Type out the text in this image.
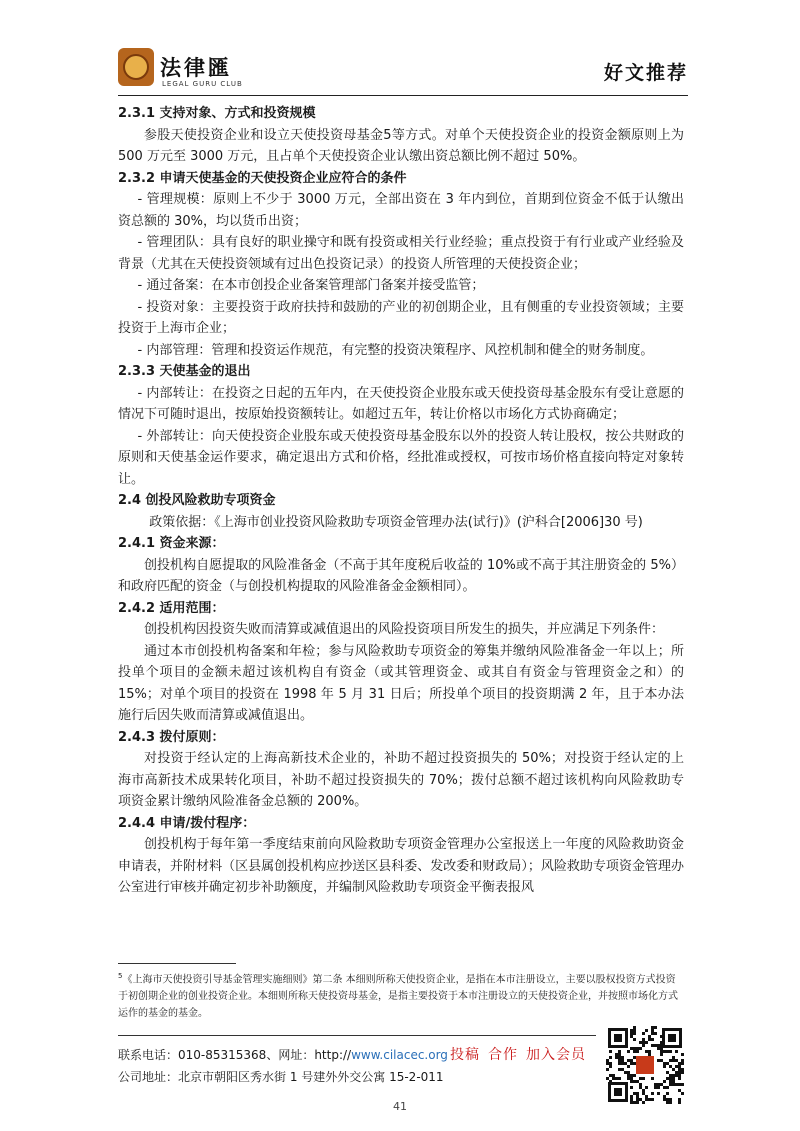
法律匯
LEGAL GURU CLUB	好文推荐

2.3.1 支持对象、方式和投资规模

参股天使投资企业和设立天使投资母基金5等方式。对单个天使投资企业的投资金额原则上为 500 万元至 3000 万元，且占单个天使投资企业认缴出资总额比例不超过 50%。

2.3.2 申请天使基金的天使投资企业应符合的条件

- 管理规模：原则上不少于 3000 万元，全部出资在 3 年内到位，首期到位资金不低于认缴出资总额的 30%，均以货币出资；

- 管理团队：具有良好的职业操守和既有投资或相关行业经验；重点投资于有行业或产业经验及背景（尤其在天使投资领域有过出色投资记录）的投资人所管理的天使投资企业；

- 通过备案：在本市创投企业备案管理部门备案并接受监管；

- 投资对象：主要投资于政府扶持和鼓励的产业的初创期企业，且有侧重的专业投资领域；主要投资于上海市企业；

- 内部管理：管理和投资运作规范，有完整的投资决策程序、风控机制和健全的财务制度。

2.3.3 天使基金的退出

- 内部转让：在投资之日起的五年内，在天使投资企业股东或天使投资母基金股东有受让意愿的情况下可随时退出，按原始投资额转让。如超过五年，转让价格以市场化方式协商确定；

- 外部转让：向天使投资企业股东或天使投资母基金股东以外的投资人转让股权，按公共财政的原则和天使基金运作要求，确定退出方式和价格，经批准或授权，可按市场价格直接向特定对象转让。

2.4 创投风险救助专项资金

政策依据：《上海市创业投资风险救助专项资金管理办法(试行)》(沪科合[2006]30 号)

2.4.1 资金来源：

创投机构自愿提取的风险准备金（不高于其年度税后收益的 10%或不高于其注册资金的 5%）和政府匹配的资金（与创投机构提取的风险准备金金额相同）。

2.4.2 适用范围：

创投机构因投资失败而清算或减值退出的风险投资项目所发生的损失，并应满足下列条件：

通过本市创投机构备案和年检；参与风险救助专项资金的筹集并缴纳风险准备金一年以上；所投单个项目的金额未超过该机构自有资金（或其管理资金、或其自有资金与管理资金之和）的 15%；对单个项目的投资在 1998 年 5 月 31 日后；所投单个项目的投资期满 2 年，且于本办法施行后因失败而清算或减值退出。

2.4.3 拨付原则：

对投资于经认定的上海高新技术企业的，补助不超过投资损失的 50%；对投资于经认定的上海市高新技术成果转化项目，补助不超过投资损失的 70%；拨付总额不超过该机构向风险救助专项资金累计缴纳风险准备金总额的 200%。

2.4.4 申请/拨付程序：

创投机构于每年第一季度结束前向风险救助专项资金管理办公室报送上一年度的风险救助资金申请表，并附材料（区县属创投机构应抄送区县科委、发改委和财政局）；风险救助专项资金管理办公室进行审核并确定初步补助额度，并编制风险救助专项资金平衡表报风

$^5$《上海市天使投资引导基金管理实施细则》第二条 本细则所称天使投资企业，是指在本市注册设立，主要以股权投资方式投资于初创期企业的创业投资企业。本细则所称天使投资母基金，是指主要投资于本市注册设立的天使投资企业，并按照市场化方式运作的基金的基金。
联系电话：010-85315368、网址：http://www.cilacec.org
公司地址：北京市朝阳区秀水街 1 号建外外交公寓 15-2-011
投稿 合作 加入会员
41
